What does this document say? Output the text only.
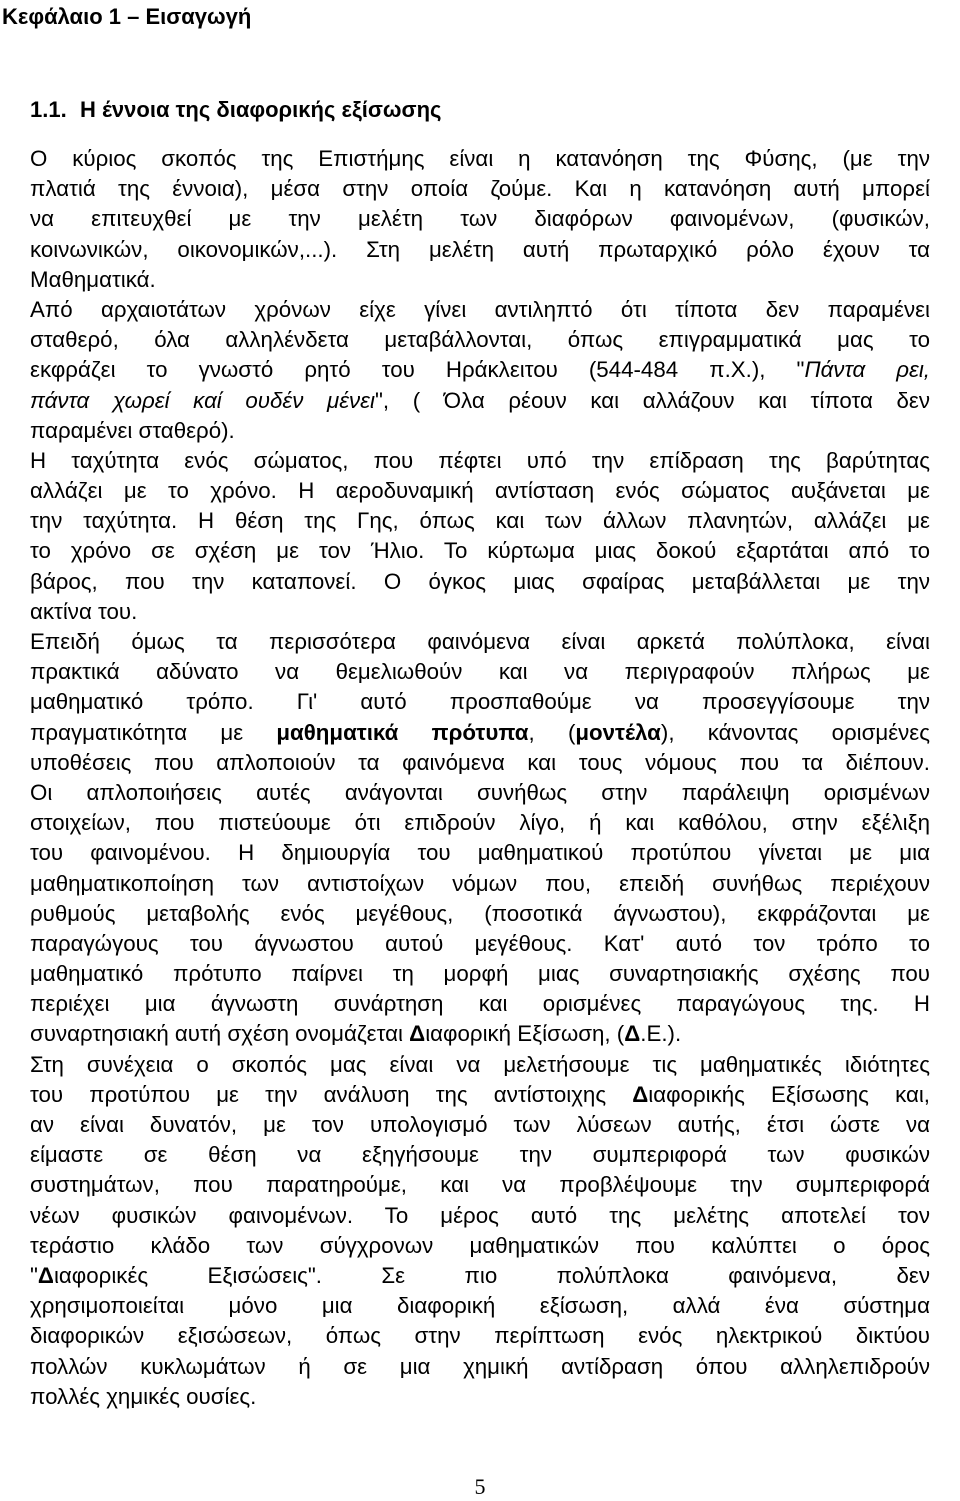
Κεφάλαιο 1 – Εισαγωγή
1.1. Η έννοια της διαφορικής εξίσωσης
Ο κύριος σκοπός της Επιστήμης είναι η κατανόηση της Φύσης, (με την
πλατιά της έννοια), μέσα στην οποία ζούμε. Και η κατανόηση αυτή μπορεί
να επιτευχθεί με την μελέτη των διαφόρων φαινομένων, (φυσικών,
κοινωνικών, οικονομικών,...). Στη μελέτη αυτή πρωταρχικό ρόλο έχουν τα
Μαθηματικά.
Από αρχαιοτάτων χρόνων είχε γίνει αντιληπτό ότι τίποτα δεν παραμένει
σταθερό, όλα αλληλένδετα μεταβάλλονται, όπως επιγραμματικά μας το
εκφράζει το γνωστό ρητό του Ηράκλειτου (544-484 π.Χ.), "Πάντα ρει,
πάντα χωρεί καί ουδέν μένει", ( Όλα ρέουν και αλλάζουν και τίποτα δεν
παραμένει σταθερό).
Η ταχύτητα ενός σώματος, που πέφτει υπό την επίδραση της βαρύτητας
αλλάζει με το χρόνο. Η αεροδυναμική αντίσταση ενός σώματος αυξάνεται με
την ταχύτητα. Η θέση της Γης, όπως και των άλλων πλανητών, αλλάζει με
το χρόνο σε σχέση με τον Ήλιο. Το κύρτωμα μιας δοκού εξαρτάται από το
βάρος, που την καταπονεί. Ο όγκος μιας σφαίρας μεταβάλλεται με την
ακτίνα του.
Επειδή όμως τα περισσότερα φαινόμενα είναι αρκετά πολύπλοκα, είναι
πρακτικά αδύνατο να θεμελιωθούν και να περιγραφούν πλήρως με
μαθηματικό τρόπο. Γι' αυτό προσπαθούμε να προσεγγίσουμε την
πραγματικότητα με μαθηματικά πρότυπα, (μοντέλα), κάνοντας ορισμένες
υποθέσεις που απλοποιούν τα φαινόμενα και τους νόμους που τα διέπουν.
Οι απλοποιήσεις αυτές ανάγονται συνήθως στην παράλειψη ορισμένων
στοιχείων, που πιστεύουμε ότι επιδρούν λίγο, ή και καθόλου, στην εξέλιξη
του φαινομένου. Η δημιουργία του μαθηματικού προτύπου γίνεται με μια
μαθηματικοποίηση των αντιστοίχων νόμων που, επειδή συνήθως περιέχουν
ρυθμούς μεταβολής ενός μεγέθους, (ποσοτικά άγνωστου), εκφράζονται με
παραγώγους του άγνωστου αυτού μεγέθους. Κατ' αυτό τον τρόπο το
μαθηματικό πρότυπο παίρνει τη μορφή μιας συναρτησιακής σχέσης που
περιέχει μια άγνωστη συνάρτηση και ορισμένες παραγώγους της. Η
συναρτησιακή αυτή σχέση ονομάζεται Διαφορική Εξίσωση, (Δ.Ε.).
Στη συνέχεια ο σκοπός μας είναι να μελετήσουμε τις μαθηματικές ιδιότητες
του προτύπου με την ανάλυση της αντίστοιχης Διαφορικής Εξίσωσης και,
αν είναι δυνατόν, με τον υπολογισμό των λύσεων αυτής, έτσι ώστε να
είμαστε σε θέση να εξηγήσουμε την συμπεριφορά των φυσικών
συστημάτων, που παρατηρούμε, και να προβλέψουμε την συμπεριφορά
νέων φυσικών φαινομένων. Το μέρος αυτό της μελέτης αποτελεί τον
τεράστιο κλάδο των σύγχρονων μαθηματικών που καλύπτει ο όρος
"Διαφορικές Εξισώσεις". Σε πιο πολύπλοκα φαινόμενα, δεν
χρησιμοποιείται μόνο μια διαφορική εξίσωση, αλλά ένα σύστημα
διαφορικών εξισώσεων, όπως στην περίπτωση ενός ηλεκτρικού δικτύου
πολλών κυκλωμάτων ή σε μια χημική αντίδραση όπου αλληλεπιδρούν
πολλές χημικές ουσίες.
5
